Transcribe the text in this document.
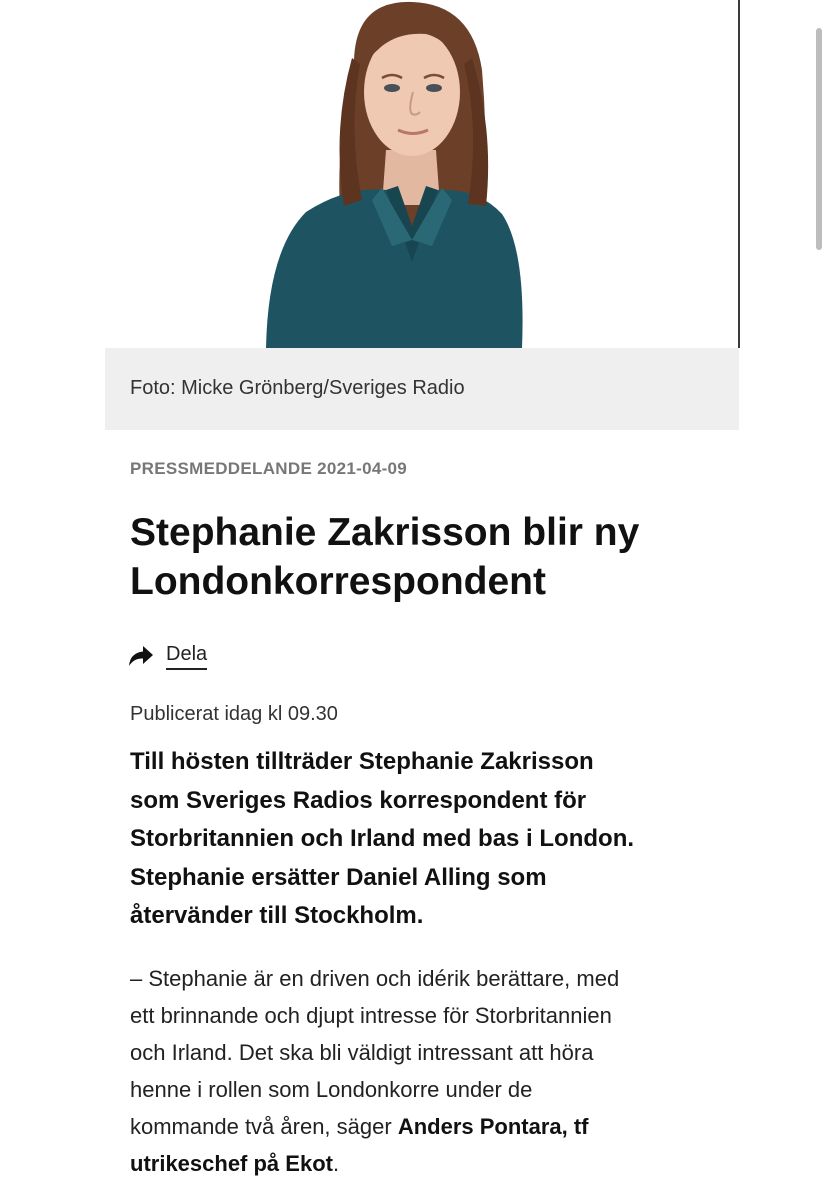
Foto: Micke Grönberg/Sveriges Radio
PRESSMEDDELANDE 2021-04-09
Stephanie Zakrisson blir ny
Londonkorrespondent
Dela
Publicerat idag kl 09.30

Till hösten tillträder Stephanie Zakrisson
som Sveriges Radios korrespondent för
Storbritannien och Irland med bas i London.
Stephanie ersätter Daniel Alling som
återvänder till Stockholm.

– Stephanie är en driven och idérik berättare, med
ett brinnande och djupt intresse för Storbritannien
och Irland. Det ska bli väldigt intressant att höra
henne i rollen som Londonkorre under de
kommande två åren, säger Anders Pontara, tf
utrikeschef på Ekot.
